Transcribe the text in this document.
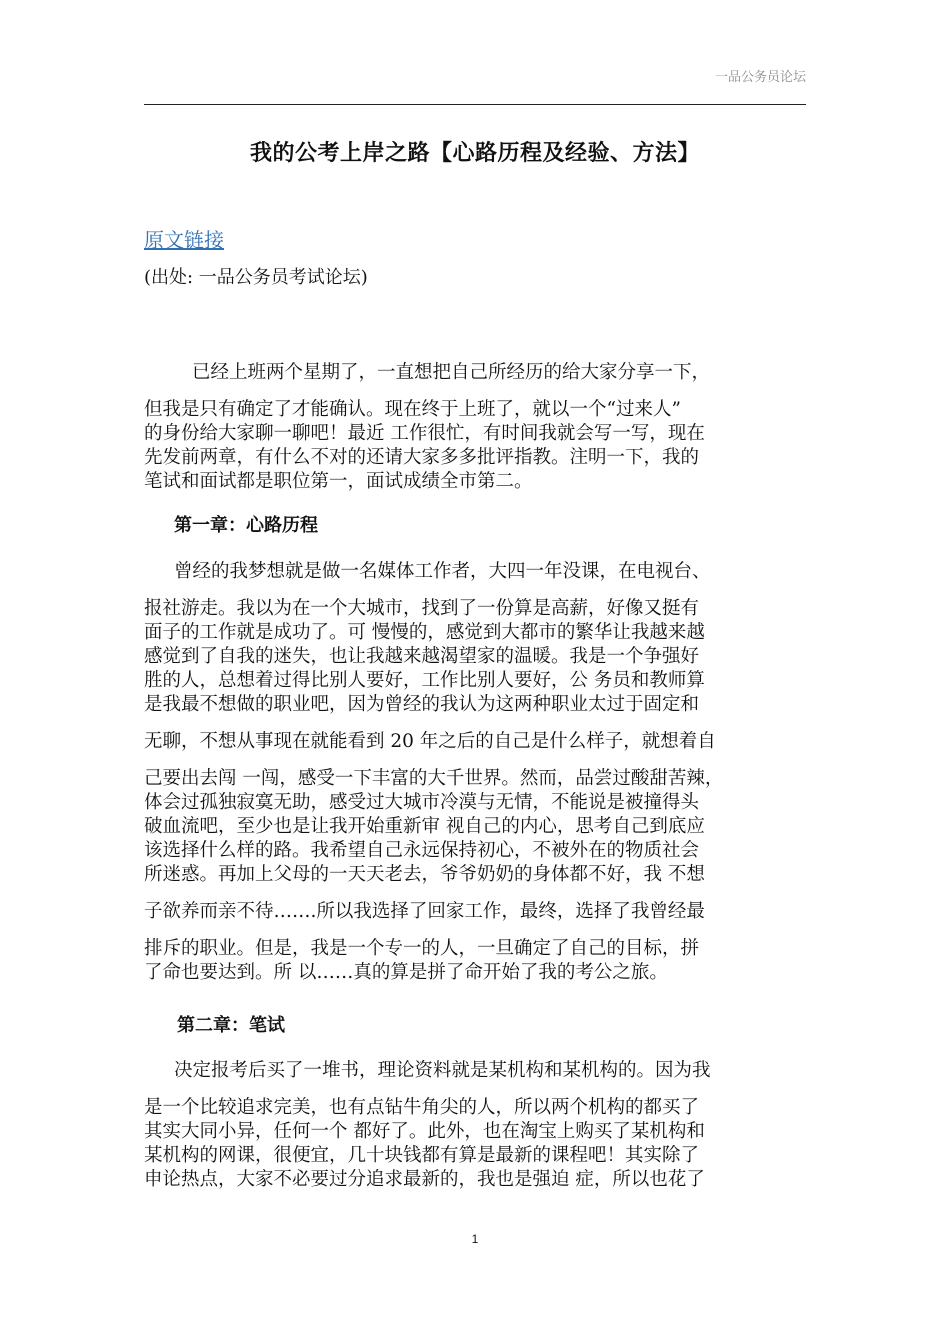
一品公务员论坛
我的公考上岸之路【心路历程及经验、方法】
原文链接
(出处: 一品公务员考试论坛)
已经上班两个星期了，一直想把自己所经历的给大家分享一下，
但我是只有确定了才能确认。现在终于上班了，就以一个“过来人”
的身份给大家聊一聊吧！最近 工作很忙，有时间我就会写一写，现在
先发前两章，有什么不对的还请大家多多批评指教。注明一下，我的
笔试和面试都是职位第一，面试成绩全市第二。
第一章：心路历程
曾经的我梦想就是做一名媒体工作者，大四一年没课，在电视台、
报社游走。我以为在一个大城市，找到了一份算是高薪，好像又挺有
面子的工作就是成功了。可 慢慢的，感觉到大都市的繁华让我越来越
感觉到了自我的迷失，也让我越来越渴望家的温暖。我是一个争强好
胜的人，总想着过得比别人要好，工作比别人要好，公 务员和教师算
是我最不想做的职业吧，因为曾经的我认为这两种职业太过于固定和
无聊，不想从事现在就能看到 20 年之后的自己是什么样子，就想着自
己要出去闯 一闯，感受一下丰富的大千世界。然而，品尝过酸甜苦辣，
体会过孤独寂寞无助，感受过大城市冷漠与无情，不能说是被撞得头
破血流吧，至少也是让我开始重新审 视自己的内心，思考自己到底应
该选择什么样的路。我希望自己永远保持初心，不被外在的物质社会
所迷惑。再加上父母的一天天老去，爷爷奶奶的身体都不好，我 不想
子欲养而亲不待…….所以我选择了回家工作，最终，选择了我曾经最
排斥的职业。但是，我是一个专一的人，一旦确定了自己的目标，拼
了命也要达到。所 以……真的算是拼了命开始了我的考公之旅。
第二章：笔试
决定报考后买了一堆书，理论资料就是某机构和某机构的。因为我
是一个比较追求完美，也有点钻牛角尖的人，所以两个机构的都买了
其实大同小异，任何一个 都好了。此外，也在淘宝上购买了某机构和
某机构的网课，很便宜，几十块钱都有算是最新的课程吧！其实除了
申论热点，大家不必要过分追求最新的，我也是强迫 症，所以也花了
1
